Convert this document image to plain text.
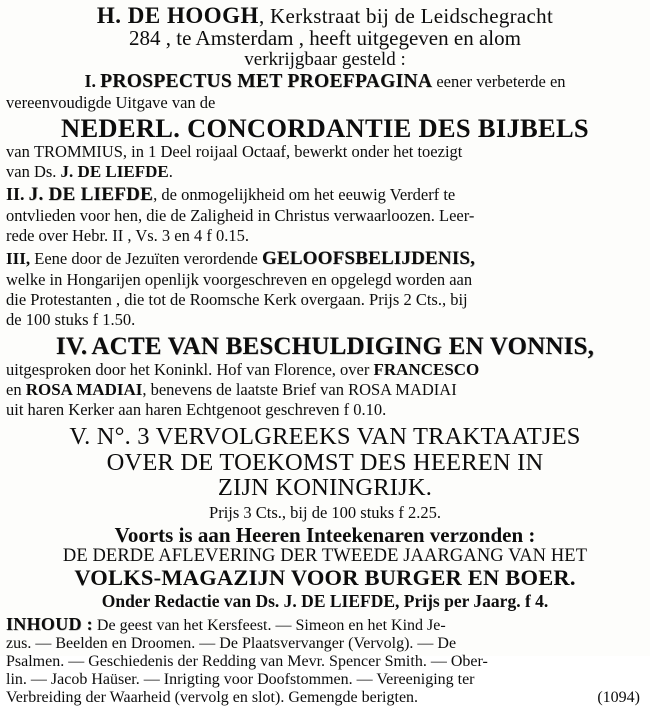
H. DE HOOGH, Kerkstraat bij de Leidschegracht
284 , te Amsterdam , heeft uitgegeven en alom
verkrijgbaar gesteld :
I. PROSPECTUS MET PROEFPAGINA eener verbeterde en
vereenvoudigde Uitgave van de
NEDERL. CONCORDANTIE DES BIJBELS
van TROMMIUS, in 1 Deel roijaal Octaaf, bewerkt onder het toezigt
van Ds. J. DE LIEFDE.
II. J. DE LIEFDE, de onmogelijkheid om het eeuwig Verderf te
ontvlieden voor hen, die de Zaligheid in Christus verwaarloozen. Leer-
rede over Hebr. II , Vs. 3 en 4 f 0.15.
III, Eene door de Jezuïten verordende GELOOFSBELIJDENIS,
welke in Hongarijen openlijk voorgeschreven en opgelegd worden aan
die Protestanten , die tot de Roomsche Kerk overgaan. Prijs 2 Cts., bij
de 100 stuks f 1.50.
IV. ACTE VAN BESCHULDIGING EN VONNIS,
uitgesproken door het Koninkl. Hof van Florence, over FRANCESCO
en ROSA MADIAI, benevens de laatste Brief van ROSA MADIAI
uit haren Kerker aan haren Echtgenoot geschreven f 0.10.
V. N°. 3 VERVOLGREEKS VAN TRAKTAATJES
OVER DE TOEKOMST DES HEEREN IN
ZIJN KONINGRIJK.
Prijs 3 Cts., bij de 100 stuks f 2.25.
Voorts is aan Heeren Inteekenaren verzonden :
DE DERDE AFLEVERING DER TWEEDE JAARGANG VAN HET
VOLKS-MAGAZIJN VOOR BURGER EN BOER.
Onder Redactie van Ds. J. DE LIEFDE, Prijs per Jaarg. f 4.
INHOUD : De geest van het Kersfeest. — Simeon en het Kind Je-
zus. — Beelden en Droomen. — De Plaatsvervanger (Vervolg). — De
Psalmen. — Geschiedenis der Redding van Mevr. Spencer Smith. — Ober-
lin. — Jacob Haüser. — Inrigting voor Doofstommen. — Vereeniging ter
Verbreiding der Waarheid (vervolg en slot). Gemengde berigten.	(1094)
